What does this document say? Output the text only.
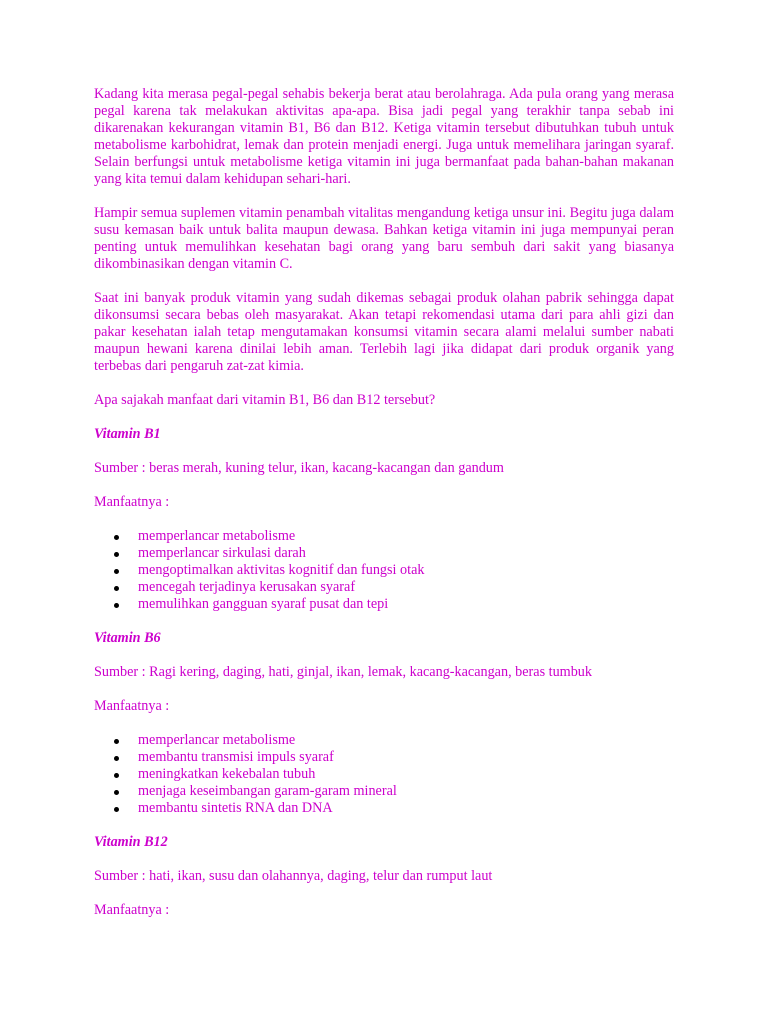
Kadang kita merasa pegal-pegal sehabis bekerja berat atau berolahraga. Ada pula orang yang merasa pegal karena tak melakukan aktivitas apa-apa. Bisa jadi pegal yang terakhir tanpa sebab ini dikarenakan kekurangan vitamin B1, B6 dan B12. Ketiga vitamin tersebut dibutuhkan tubuh untuk metabolisme karbohidrat, lemak dan protein menjadi energi. Juga untuk memelihara jaringan syaraf. Selain berfungsi untuk metabolisme ketiga vitamin ini juga bermanfaat pada bahan-bahan makanan yang kita temui dalam kehidupan sehari-hari.

Hampir semua suplemen vitamin penambah vitalitas mengandung ketiga unsur ini. Begitu juga dalam susu kemasan baik untuk balita maupun dewasa. Bahkan ketiga vitamin ini juga mempunyai peran penting untuk memulihkan kesehatan bagi orang yang baru sembuh dari sakit yang biasanya dikombinasikan dengan vitamin C.

Saat ini banyak produk vitamin yang sudah dikemas sebagai produk olahan pabrik sehingga dapat dikonsumsi secara bebas oleh masyarakat. Akan tetapi rekomendasi utama dari para ahli gizi dan pakar kesehatan ialah tetap mengutamakan konsumsi vitamin secara alami melalui sumber nabati maupun hewani karena dinilai lebih aman. Terlebih lagi jika didapat dari produk organik yang terbebas dari pengaruh zat-zat kimia.

Apa sajakah manfaat dari vitamin B1, B6 dan B12 tersebut?

Vitamin B1

Sumber : beras merah, kuning telur, ikan, kacang-kacangan dan gandum

Manfaatnya :

memperlancar metabolisme
memperlancar sirkulasi darah
mengoptimalkan aktivitas kognitif dan fungsi otak
mencegah terjadinya kerusakan syaraf
memulihkan gangguan syaraf pusat dan tepi

Vitamin B6

Sumber : Ragi kering, daging, hati, ginjal, ikan, lemak, kacang-kacangan, beras tumbuk

Manfaatnya :

memperlancar metabolisme
membantu transmisi impuls syaraf
meningkatkan kekebalan tubuh
menjaga keseimbangan garam-garam mineral
membantu sintetis RNA dan DNA

Vitamin B12

Sumber : hati, ikan, susu dan olahannya, daging, telur dan rumput laut

Manfaatnya :
